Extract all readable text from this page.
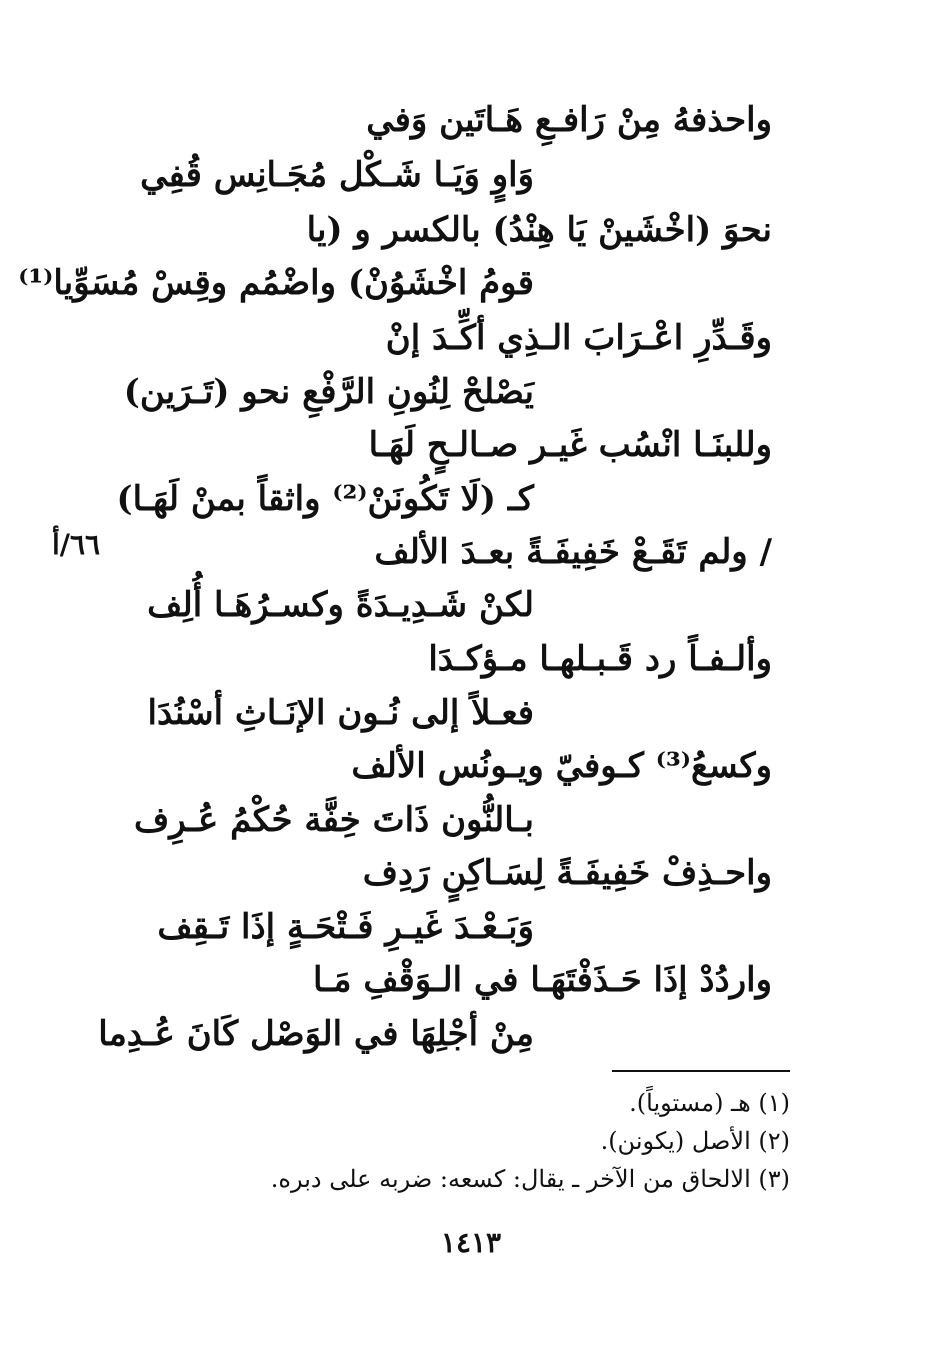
واحذفهُ مِنْ رَافـعِ هَـاتَين وَفي
وَاوٍ وَيَـا شَـكْل مُجَـانِس قُفِي
نحوَ (اخْشَينْ يَا هِنْدُ) بالكسر و (يا
قومُ اخْشَوُنْ) واضْمُم وقِسْ مُسَوِّيا⁽¹⁾
وقَـدِّرِ اعْـرَابَ الـذِي أكِّـدَ إنْ
يَصْلحْ لِنُونِ الرَّفْعِ نحو (تَـرَين)
وللبنَـا انْسُب غَيـر صـالـحٍ لَهَـا
كـ (لَا تَكُونَنْ⁽²⁾ واثقاً بمنْ لَهَـا)
/ ولم تَقَـعْ خَفِيفَـةً بعـدَ الألف
٦٦/أ
لكنْ شَـدِيـدَةً وكسـرُهَـا أُلِف
وألـفـاً رد قَـبـلهـا مـؤكـدَا
فعـلاً إلى نُـون الإنَـاثِ أسْنُدَا
وكسعُ⁽³⁾ كـوفيّ ويـونُس الألف
بـالنُّون ذَاتَ خِفَّة حُكْمُ عُـرِف
واحـذِفْ خَفِيفَـةً لِسَـاكِنٍ رَدِف
وَبَـعْـدَ غَيـرِ فَـتْحَـةٍ إذَا تَـقِف
واردُدْ إذَا حَـذَفْتَهَـا في الـوَقْفِ مَـا
مِنْ أجْلِهَا في الوَصْل كَانَ عُـدِما
(١) هـ (مستوياً).
(٢) الأصل (يكونن).
(٣) الالحاق من الآخر ـ يقال: كسعه: ضربه على دبره.
١٤١٣
